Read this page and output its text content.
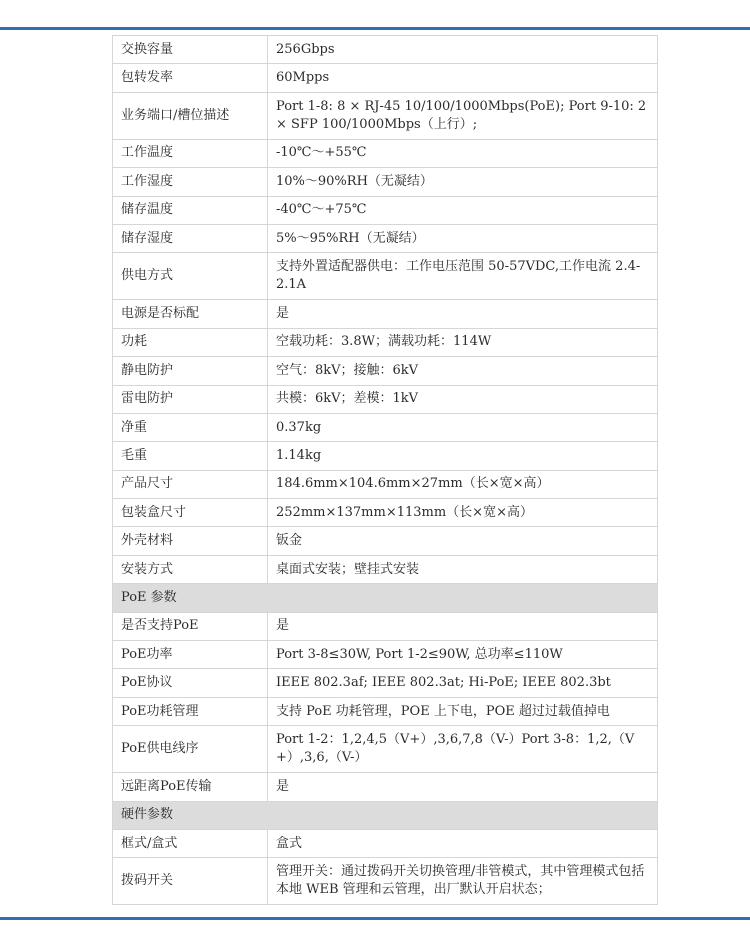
交换容量	256Gbps
包转发率	60Mpps
业务端口/槽位描述	Port 1-8: 8 × RJ-45 10/100/1000Mbps(PoE); Port 9-10: 2 × SFP 100/1000Mbps（上行）;
工作温度	-10℃～+55℃
工作湿度	10%～90%RH（无凝结）
储存温度	-40℃～+75℃
储存湿度	5%～95%RH（无凝结）
供电方式	支持外置适配器供电：工作电压范围 50-57VDC,工作电流 2.4-2.1A
电源是否标配	是
功耗	空载功耗：3.8W；满载功耗：114W
静电防护	空气：8kV；接触：6kV
雷电防护	共模：6kV；差模：1kV
净重	0.37kg
毛重	1.14kg
产品尺寸	184.6mm×104.6mm×27mm（长×宽×高）
包装盒尺寸	252mm×137mm×113mm（长×宽×高）
外壳材料	钣金
安装方式	桌面式安装；壁挂式安装
PoE 参数	
是否支持PoE	是
PoE功率	Port 3-8≤30W, Port 1-2≤90W, 总功率≤110W
PoE协议	IEEE 802.3af; IEEE 802.3at; Hi-PoE; IEEE 802.3bt
PoE功耗管理	支持 PoE 功耗管理，POE 上下电，POE 超过过载值掉电
PoE供电线序	Port 1-2：1,2,4,5（V+）,3,6,7,8（V-）Port 3-8：1,2,（V+）,3,6,（V-）
远距离PoE传输	是
硬件参数	
框式/盒式	盒式
拨码开关	管理开关：通过拨码开关切换管理/非管模式，其中管理模式包括本地 WEB 管理和云管理，出厂默认开启状态；
